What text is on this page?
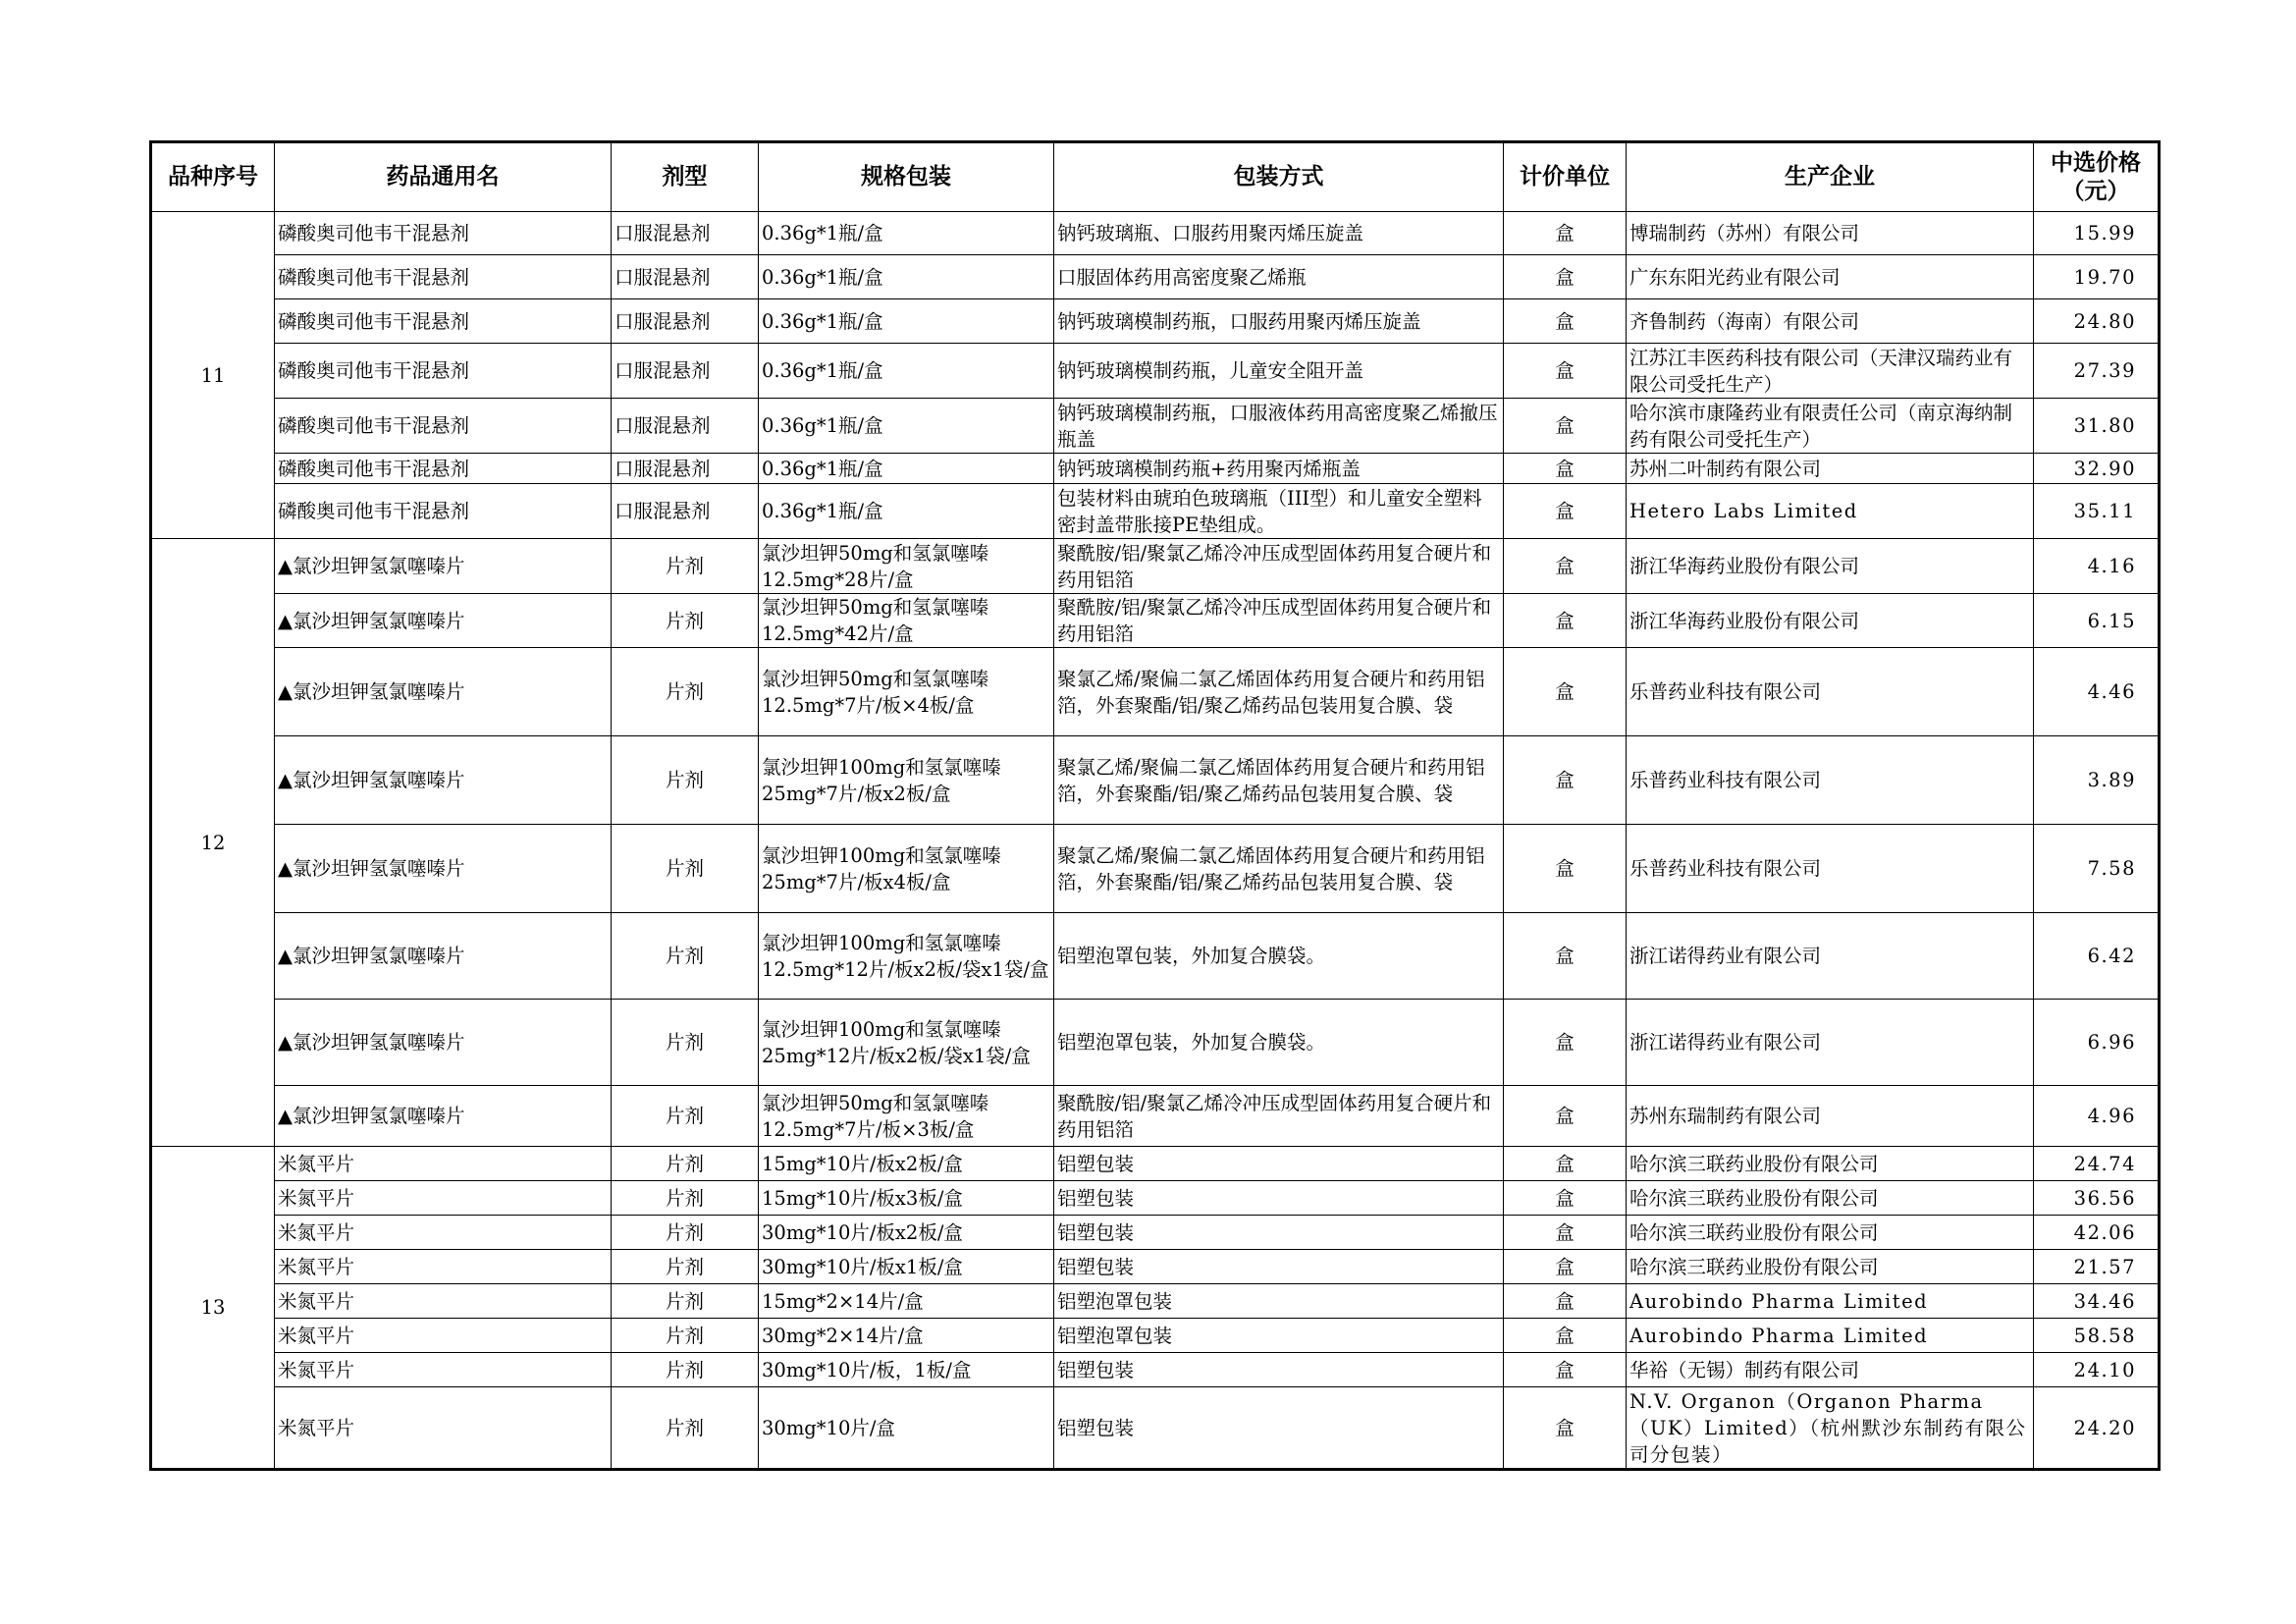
品种序号	药品通用名	剂型	规格包装	包装方式	计价单位	生产企业	中选价格（元）
11	磷酸奥司他韦干混悬剂	口服混悬剂	0.36g*1瓶/盒	钠钙玻璃瓶、口服药用聚丙烯压旋盖	盒	博瑞制药（苏州）有限公司	15.99
	磷酸奥司他韦干混悬剂	口服混悬剂	0.36g*1瓶/盒	口服固体药用高密度聚乙烯瓶	盒	广东东阳光药业有限公司	19.70
	磷酸奥司他韦干混悬剂	口服混悬剂	0.36g*1瓶/盒	钠钙玻璃模制药瓶，口服药用聚丙烯压旋盖	盒	齐鲁制药（海南）有限公司	24.80
	磷酸奥司他韦干混悬剂	口服混悬剂	0.36g*1瓶/盒	钠钙玻璃模制药瓶，儿童安全阻开盖	盒	江苏江丰医药科技有限公司（天津汉瑞药业有限公司受托生产）	27.39
	磷酸奥司他韦干混悬剂	口服混悬剂	0.36g*1瓶/盒	钠钙玻璃模制药瓶，口服液体药用高密度聚乙烯撤压瓶盖	盒	哈尔滨市康隆药业有限责任公司（南京海纳制药有限公司受托生产）	31.80
	磷酸奥司他韦干混悬剂	口服混悬剂	0.36g*1瓶/盒	钠钙玻璃模制药瓶+药用聚丙烯瓶盖	盒	苏州二叶制药有限公司	32.90
	磷酸奥司他韦干混悬剂	口服混悬剂	0.36g*1瓶/盒	包装材料由琥珀色玻璃瓶（III型）和儿童安全塑料密封盖带胀接PE垫组成。	盒	Hetero Labs Limited	35.11
12	▲氯沙坦钾氢氯噻嗪片	片剂	氯沙坦钾50mg和氢氯噻嗪12.5mg*28片/盒	聚酰胺/铝/聚氯乙烯冷冲压成型固体药用复合硬片和药用铝箔	盒	浙江华海药业股份有限公司	4.16
	▲氯沙坦钾氢氯噻嗪片	片剂	氯沙坦钾50mg和氢氯噻嗪12.5mg*42片/盒	聚酰胺/铝/聚氯乙烯冷冲压成型固体药用复合硬片和药用铝箔	盒	浙江华海药业股份有限公司	6.15
	▲氯沙坦钾氢氯噻嗪片	片剂	氯沙坦钾50mg和氢氯噻嗪12.5mg*7片/板×4板/盒	聚氯乙烯/聚偏二氯乙烯固体药用复合硬片和药用铝箔，外套聚酯/铝/聚乙烯药品包装用复合膜、袋	盒	乐普药业科技有限公司	4.46
	▲氯沙坦钾氢氯噻嗪片	片剂	氯沙坦钾100mg和氢氯噻嗪25mg*7片/板x2板/盒	聚氯乙烯/聚偏二氯乙烯固体药用复合硬片和药用铝箔，外套聚酯/铝/聚乙烯药品包装用复合膜、袋	盒	乐普药业科技有限公司	3.89
	▲氯沙坦钾氢氯噻嗪片	片剂	氯沙坦钾100mg和氢氯噻嗪25mg*7片/板x4板/盒	聚氯乙烯/聚偏二氯乙烯固体药用复合硬片和药用铝箔，外套聚酯/铝/聚乙烯药品包装用复合膜、袋	盒	乐普药业科技有限公司	7.58
	▲氯沙坦钾氢氯噻嗪片	片剂	氯沙坦钾100mg和氢氯噻嗪12.5mg*12片/板x2板/袋x1袋/盒	铝塑泡罩包装，外加复合膜袋。	盒	浙江诺得药业有限公司	6.42
	▲氯沙坦钾氢氯噻嗪片	片剂	氯沙坦钾100mg和氢氯噻嗪25mg*12片/板x2板/袋x1袋/盒	铝塑泡罩包装，外加复合膜袋。	盒	浙江诺得药业有限公司	6.96
	▲氯沙坦钾氢氯噻嗪片	片剂	氯沙坦钾50mg和氢氯噻嗪12.5mg*7片/板×3板/盒	聚酰胺/铝/聚氯乙烯冷冲压成型固体药用复合硬片和药用铝箔	盒	苏州东瑞制药有限公司	4.96
13	米氮平片	片剂	15mg*10片/板x2板/盒	铝塑包装	盒	哈尔滨三联药业股份有限公司	24.74
	米氮平片	片剂	15mg*10片/板x3板/盒	铝塑包装	盒	哈尔滨三联药业股份有限公司	36.56
	米氮平片	片剂	30mg*10片/板x2板/盒	铝塑包装	盒	哈尔滨三联药业股份有限公司	42.06
	米氮平片	片剂	30mg*10片/板x1板/盒	铝塑包装	盒	哈尔滨三联药业股份有限公司	21.57
	米氮平片	片剂	15mg*2×14片/盒	铝塑泡罩包装	盒	Aurobindo Pharma Limited	34.46
	米氮平片	片剂	30mg*2×14片/盒	铝塑泡罩包装	盒	Aurobindo Pharma Limited	58.58
	米氮平片	片剂	30mg*10片/板，1板/盒	铝塑包装	盒	华裕（无锡）制药有限公司	24.10
	米氮平片	片剂	30mg*10片/盒	铝塑包装	盒	N.V. Organon（Organon Pharma（UK）Limited）（杭州默沙东制药有限公司分包装）	24.20
